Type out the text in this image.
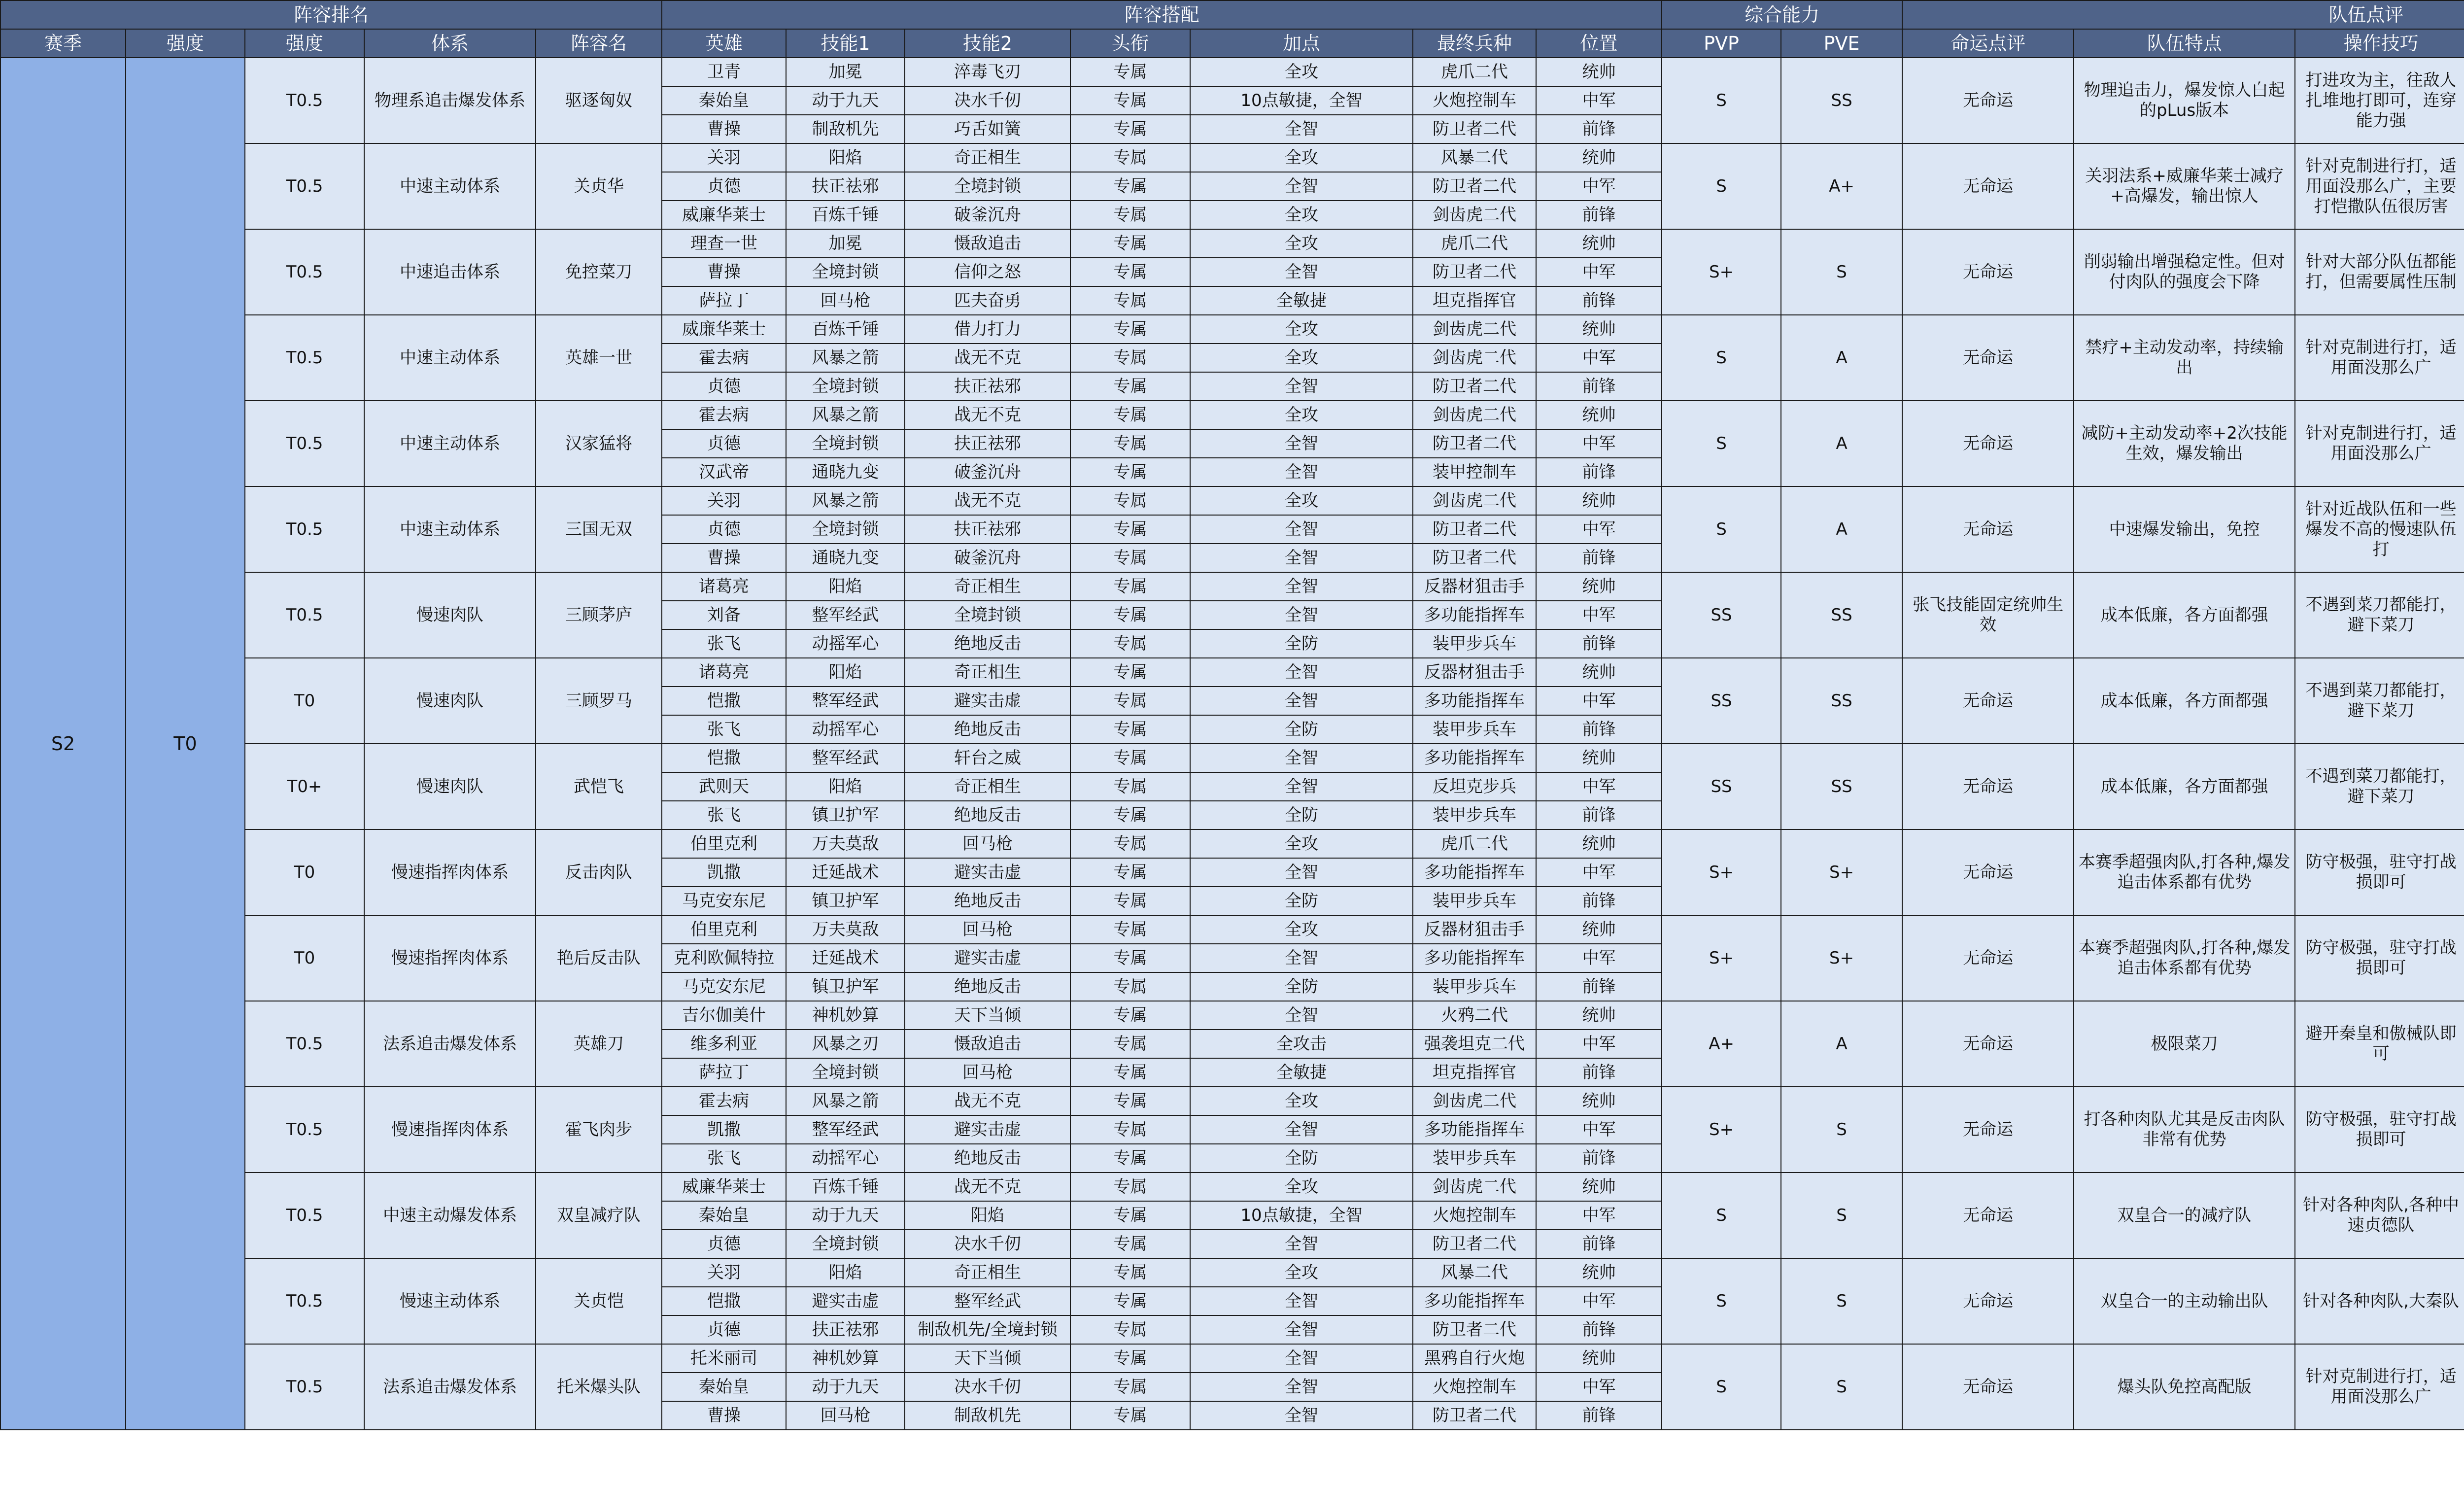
阵容排名					阵容搭配							综合能力		队伍点评				
赛季	强度	强度	体系	阵容名	英雄	技能1	技能2	头衔	加点	最终兵种	位置	PVP	PVE	命运点评	队伍特点	操作技巧		
S2	T0	T0.5	物理系追击爆发体系	驱逐匈奴	卫青	加冕	淬毒飞刃	专属	全攻	虎爪二代	统帅	S	SS	无命运	物理追击力，爆发惊人白起的pLus版本	打进攻为主，往敌人扎堆地打即可，连穿能力强

					秦始皇	动于九天	决水千仞	专属	10点敏捷，全智	火炮控制车	中军							
					曹操	制敌机先	巧舌如簧	专属	全智	防卫者二代	前锋							
		T0.5	中速主动体系	关贞华	关羽	阳焰	奇正相生	专属	全攻	风暴二代	统帅	S	A+	无命运	关羽法系+威廉华莱士减疗+高爆发，输出惊人	针对克制进行打，适用面没那么广，主要打恺撒队伍很厉害

					贞德	扶正祛邪	全境封锁	专属	全智	防卫者二代	中军							
					威廉华莱士	百炼千锤	破釜沉舟	专属	全攻	剑齿虎二代	前锋							
		T0.5	中速追击体系	免控菜刀	理查一世	加冕	慑敌追击	专属	全攻	虎爪二代	统帅	S+	S	无命运	削弱输出增强稳定性。但对付肉队的强度会下降	针对大部分队伍都能打，但需要属性压制

					曹操	全境封锁	信仰之怒	专属	全智	防卫者二代	中军							
					萨拉丁	回马枪	匹夫奋勇	专属	全敏捷	坦克指挥官	前锋							
		T0.5	中速主动体系	英雄一世	威廉华莱士	百炼千锤	借力打力	专属	全攻	剑齿虎二代	统帅	S	A	无命运	禁疗+主动发动率，持续输出	针对克制进行打，适用面没那么广

					霍去病	风暴之箭	战无不克	专属	全攻	剑齿虎二代	中军							
					贞德	全境封锁	扶正祛邪	专属	全智	防卫者二代	前锋							
		T0.5	中速主动体系	汉家猛将	霍去病	风暴之箭	战无不克	专属	全攻	剑齿虎二代	统帅	S	A	无命运	减防+主动发动率+2次技能生效，爆发输出	针对克制进行打，适用面没那么广

					贞德	全境封锁	扶正祛邪	专属	全智	防卫者二代	中军							
					汉武帝	通晓九变	破釜沉舟	专属	全智	装甲控制车	前锋							
		T0.5	中速主动体系	三国无双	关羽	风暴之箭	战无不克	专属	全攻	剑齿虎二代	统帅	S	A	无命运	中速爆发输出，免控	针对近战队伍和一些爆发不高的慢速队伍打

					贞德	全境封锁	扶正祛邪	专属	全智	防卫者二代	中军							
					曹操	通晓九变	破釜沉舟	专属	全智	防卫者二代	前锋							
		T0.5	慢速肉队	三顾茅庐	诸葛亮	阳焰	奇正相生	专属	全智	反器材狙击手	统帅	SS	SS	张飞技能固定统帅生效	成本低廉，各方面都强	不遇到菜刀都能打，避下菜刀

					刘备	整军经武	全境封锁	专属	全智	多功能指挥车	中军							
					张飞	动摇军心	绝地反击	专属	全防	装甲步兵车	前锋							
		T0	慢速肉队	三顾罗马	诸葛亮	阳焰	奇正相生	专属	全智	反器材狙击手	统帅	SS	SS	无命运	成本低廉，各方面都强	不遇到菜刀都能打，避下菜刀

					恺撒	整军经武	避实击虚	专属	全智	多功能指挥车	中军							
					张飞	动摇军心	绝地反击	专属	全防	装甲步兵车	前锋							
		T0+	慢速肉队	武恺飞	恺撒	整军经武	轩台之威	专属	全智	多功能指挥车	统帅	SS	SS	无命运	成本低廉，各方面都强	不遇到菜刀都能打，避下菜刀

					武则天	阳焰	奇正相生	专属	全智	反坦克步兵	中军							
					张飞	镇卫护军	绝地反击	专属	全防	装甲步兵车	前锋							
		T0	慢速指挥肉体系	反击肉队	伯里克利	万夫莫敌	回马枪	专属	全攻	虎爪二代	统帅	S+	S+	无命运	本赛季超强肉队,打各种,爆发追击体系都有优势	防守极强，驻守打战损即可

					凯撒	迁延战术	避实击虚	专属	全智	多功能指挥车	中军							
					马克安东尼	镇卫护军	绝地反击	专属	全防	装甲步兵车	前锋							
		T0	慢速指挥肉体系	艳后反击队	伯里克利	万夫莫敌	回马枪	专属	全攻	反器材狙击手	统帅	S+	S+	无命运	本赛季超强肉队,打各种,爆发追击体系都有优势	防守极强，驻守打战损即可

					克利欧佩特拉	迁延战术	避实击虚	专属	全智	多功能指挥车	中军							
					马克安东尼	镇卫护军	绝地反击	专属	全防	装甲步兵车	前锋							
		T0.5	法系追击爆发体系	英雄刀	吉尔伽美什	神机妙算	天下当倾	专属	全智	火鸦二代	统帅	A+	A	无命运	极限菜刀	避开秦皇和傲械队即可

					维多利亚	风暴之刃	慑敌追击	专属	全攻击	强袭坦克二代	中军							
					萨拉丁	全境封锁	回马枪	专属	全敏捷	坦克指挥官	前锋							
		T0.5	慢速指挥肉体系	霍飞肉步	霍去病	风暴之箭	战无不克	专属	全攻	剑齿虎二代	统帅	S+	S	无命运	打各种肉队尤其是反击肉队非常有优势	防守极强，驻守打战损即可

					凯撒	整军经武	避实击虚	专属	全智	多功能指挥车	中军							
					张飞	动摇军心	绝地反击	专属	全防	装甲步兵车	前锋							
		T0.5	中速主动爆发体系	双皇减疗队	威廉华莱士	百炼千锤	战无不克	专属	全攻	剑齿虎二代	统帅	S	S	无命运	双皇合一的减疗队	针对各种肉队,各种中速贞德队

					秦始皇	动于九天	阳焰	专属	10点敏捷，全智	火炮控制车	中军							
					贞德	全境封锁	决水千仞	专属	全智	防卫者二代	前锋							
		T0.5	慢速主动体系	关贞恺	关羽	阳焰	奇正相生	专属	全攻	风暴二代	统帅	S	S	无命运	双皇合一的主动输出队	针对各种肉队,大秦队

					恺撒	避实击虚	整军经武	专属	全智	多功能指挥车	中军							
					贞德	扶正祛邪	制敌机先/全境封锁	专属	全智	防卫者二代	前锋							
		T0.5	法系追击爆发体系	托米爆头队	托米丽司	神机妙算	天下当倾	专属	全智	黑鸦自行火炮	统帅	S	S	无命运	爆头队免控高配版	针对克制进行打，适用面没那么广

					秦始皇	动于九天	决水千仞	专属	全智	火炮控制车	中军							
					曹操	回马枪	制敌机先	专属	全智	防卫者二代	前锋							
